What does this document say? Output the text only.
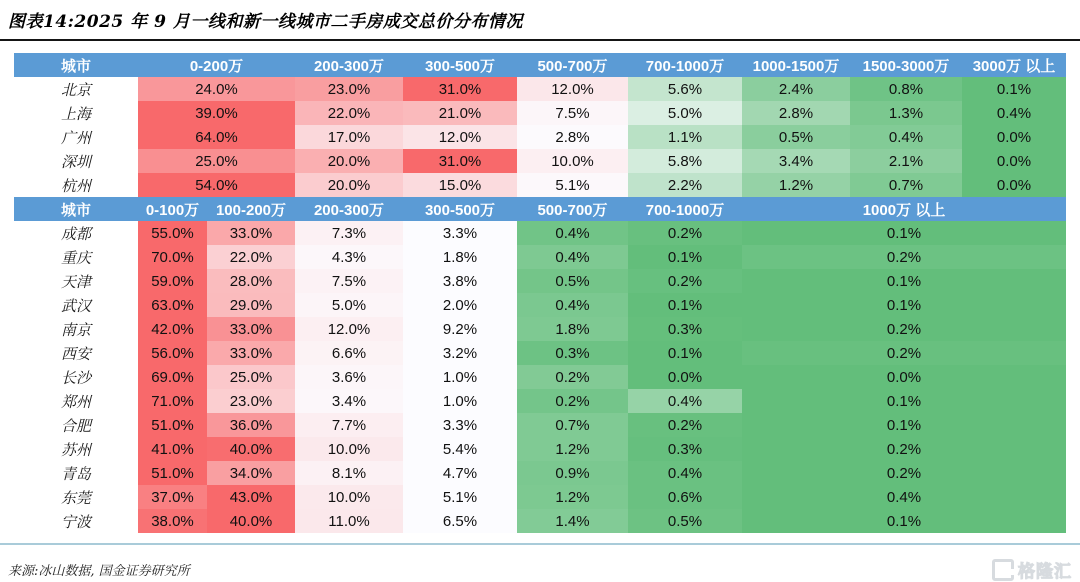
图表14:2025 年 9 月一线和新一线城市二手房成交总价分布情况
城市	0-200万	200-300万	300-500万	500-700万	700-1000万	1000-1500万	1500-3000万	3000万 以上
北京	24.0%	23.0%	31.0%	12.0%	5.6%	2.4%	0.8%	0.1%
上海	39.0%	22.0%	21.0%	7.5%	5.0%	2.8%	1.3%	0.4%
广州	64.0%	17.0%	12.0%	2.8%	1.1%	0.5%	0.4%	0.0%
深圳	25.0%	20.0%	31.0%	10.0%	5.8%	3.4%	2.1%	0.0%
杭州	54.0%	20.0%	15.0%	5.1%	2.2%	1.2%	0.7%	0.0%
城市	0-100万	100-200万	200-300万	300-500万	500-700万	700-1000万	1000万 以上
成都	55.0%	33.0%	7.3%	3.3%	0.4%	0.2%	0.1%
重庆	70.0%	22.0%	4.3%	1.8%	0.4%	0.1%	0.2%
天津	59.0%	28.0%	7.5%	3.8%	0.5%	0.2%	0.1%
武汉	63.0%	29.0%	5.0%	2.0%	0.4%	0.1%	0.1%
南京	42.0%	33.0%	12.0%	9.2%	1.8%	0.3%	0.2%
西安	56.0%	33.0%	6.6%	3.2%	0.3%	0.1%	0.2%
长沙	69.0%	25.0%	3.6%	1.0%	0.2%	0.0%	0.0%
郑州	71.0%	23.0%	3.4%	1.0%	0.2%	0.4%	0.1%
合肥	51.0%	36.0%	7.7%	3.3%	0.7%	0.2%	0.1%
苏州	41.0%	40.0%	10.0%	5.4%	1.2%	0.3%	0.2%
青岛	51.0%	34.0%	8.1%	4.7%	0.9%	0.4%	0.2%
东莞	37.0%	43.0%	10.0%	5.1%	1.2%	0.6%	0.4%
宁波	38.0%	40.0%	11.0%	6.5%	1.4%	0.5%	0.1%
来源:冰山数据, 国金证券研究所	格隆汇
